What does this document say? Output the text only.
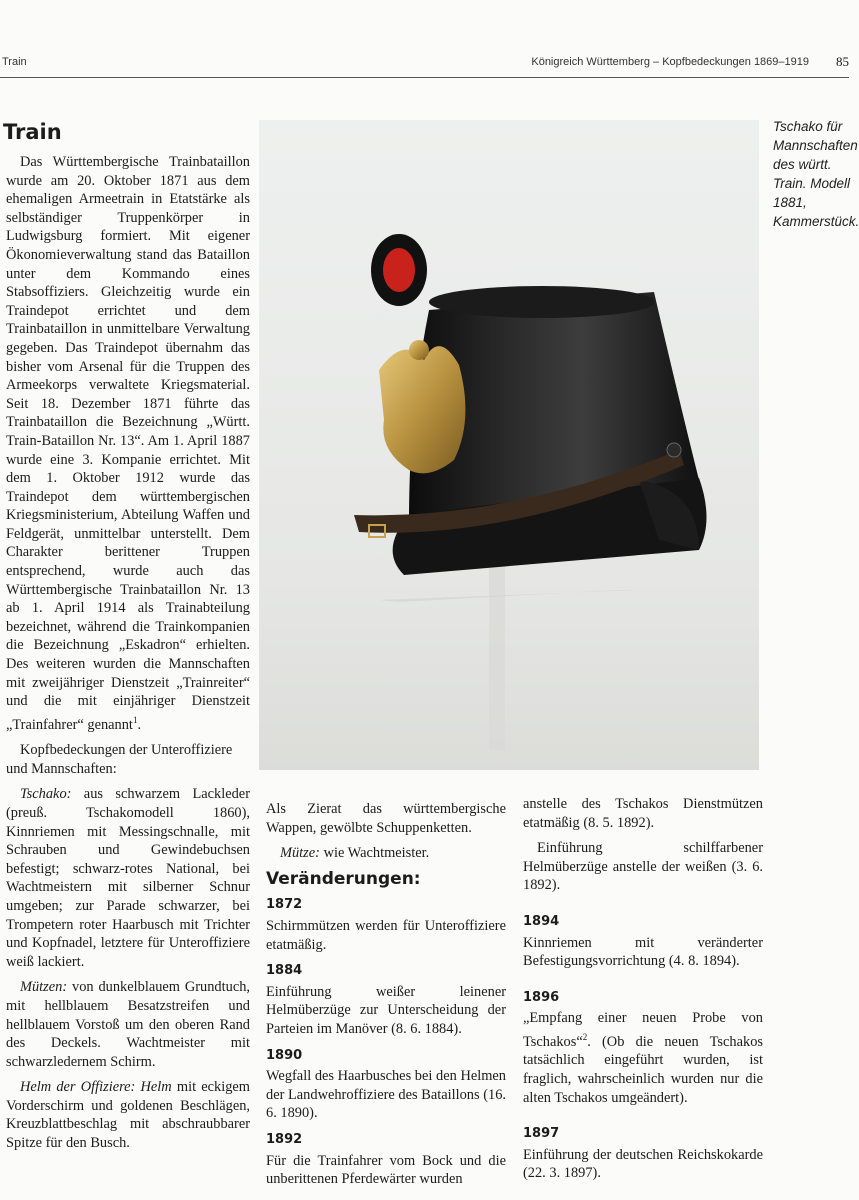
Train	Königreich Württemberg – Kopfbedeckungen 1869–1919 85
Train

Das Württembergische Trainbataillon wurde am 20. Oktober 1871 aus dem ehemaligen Armeetrain in Etatstärke als selbständiger Truppenkörper in Ludwigsburg formiert. Mit eigener Ökonomieverwaltung stand das Bataillon unter dem Kommando eines Stabsoffiziers. Gleichzeitig wurde ein Traindepot errichtet und dem Trainbataillon in unmittelbare Verwaltung gegeben. Das Traindepot übernahm das bisher vom Arsenal für die Truppen des Armeekorps verwaltete Kriegsmaterial. Seit 18. Dezember 1871 führte das Trainbataillon die Bezeichnung „Württ. Train-Bataillon Nr. 13“. Am 1. April 1887 wurde eine 3. Kompanie errichtet. Mit dem 1. Oktober 1912 wurde das Traindepot dem württembergischen Kriegsministerium, Abteilung Waffen und Feldgerät, unmittelbar unterstellt. Dem Charakter berittener Truppen entsprechend, wurde auch das Württembergische Trainbataillon Nr. 13 ab 1. April 1914 als Trainabteilung bezeichnet, während die Trainkompanien die Bezeichnung „Eskadron“ erhielten. Des weiteren wurden die Mannschaften mit zweijähriger Dienstzeit „Trainreiter“ und die mit einjähriger Dienstzeit „Trainfahrer“ genannt$^1$.

Kopfbedeckungen der Unteroffiziere und Mannschaften:

Tschako: aus schwarzem Lackleder (preuß. Tschakomodell 1860), Kinnriemen mit Messingschnalle, mit Schrauben und Gewindebuchsen befestigt; schwarz-rotes National, bei Wachtmeistern mit silberner Schnur umgeben; zur Parade schwarzer, bei Trompetern roter Haarbusch mit Trichter und Kopfnadel, letztere für Unteroffiziere weiß lackiert.

Mützen: von dunkelblauem Grundtuch, mit hellblauem Besatzstreifen und hellblauem Vorstoß um den oberen Rand des Deckels. Wachtmeister mit schwarzledernem Schirm.

Helm der Offiziere: Helm mit eckigem Vorderschirm und goldenen Beschlägen, Kreuzblattbeschlag mit abschraubbarer Spitze für den Busch.

Tschako für Mannschaften des württ. Train. Modell 1881, Kammerstück.

Als Zierat das württembergische Wappen, gewölbte Schuppenketten.

Mütze: wie Wachtmeister.

Veränderungen:
1872

Schirmmützen werden für Unteroffiziere etatmäßig.

1884

Einführung weißer leinener Helmüberzüge zur Unterscheidung der Parteien im Manöver (8. 6. 1884).

1890

Wegfall des Haarbusches bei den Helmen der Landwehroffiziere des Bataillons (16. 6. 1890).

1892

Für die Trainfahrer vom Bock und die unberittenen Pferdewärter wurden

anstelle des Tschakos Dienstmützen etatmäßig (8. 5. 1892).

Einführung schilffarbener Helmüberzüge anstelle der weißen (3. 6. 1892).

1894

Kinnriemen mit veränderter Befestigungsvorrichtung (4. 8. 1894).

1896

„Empfang einer neuen Probe von Tschakos“$^2$. (Ob die neuen Tschakos tatsächlich eingeführt wurden, ist fraglich, wahrscheinlich wurden nur die alten Tschakos umgeändert).

1897

Einführung der deutschen Reichskokarde (22. 3. 1897).
